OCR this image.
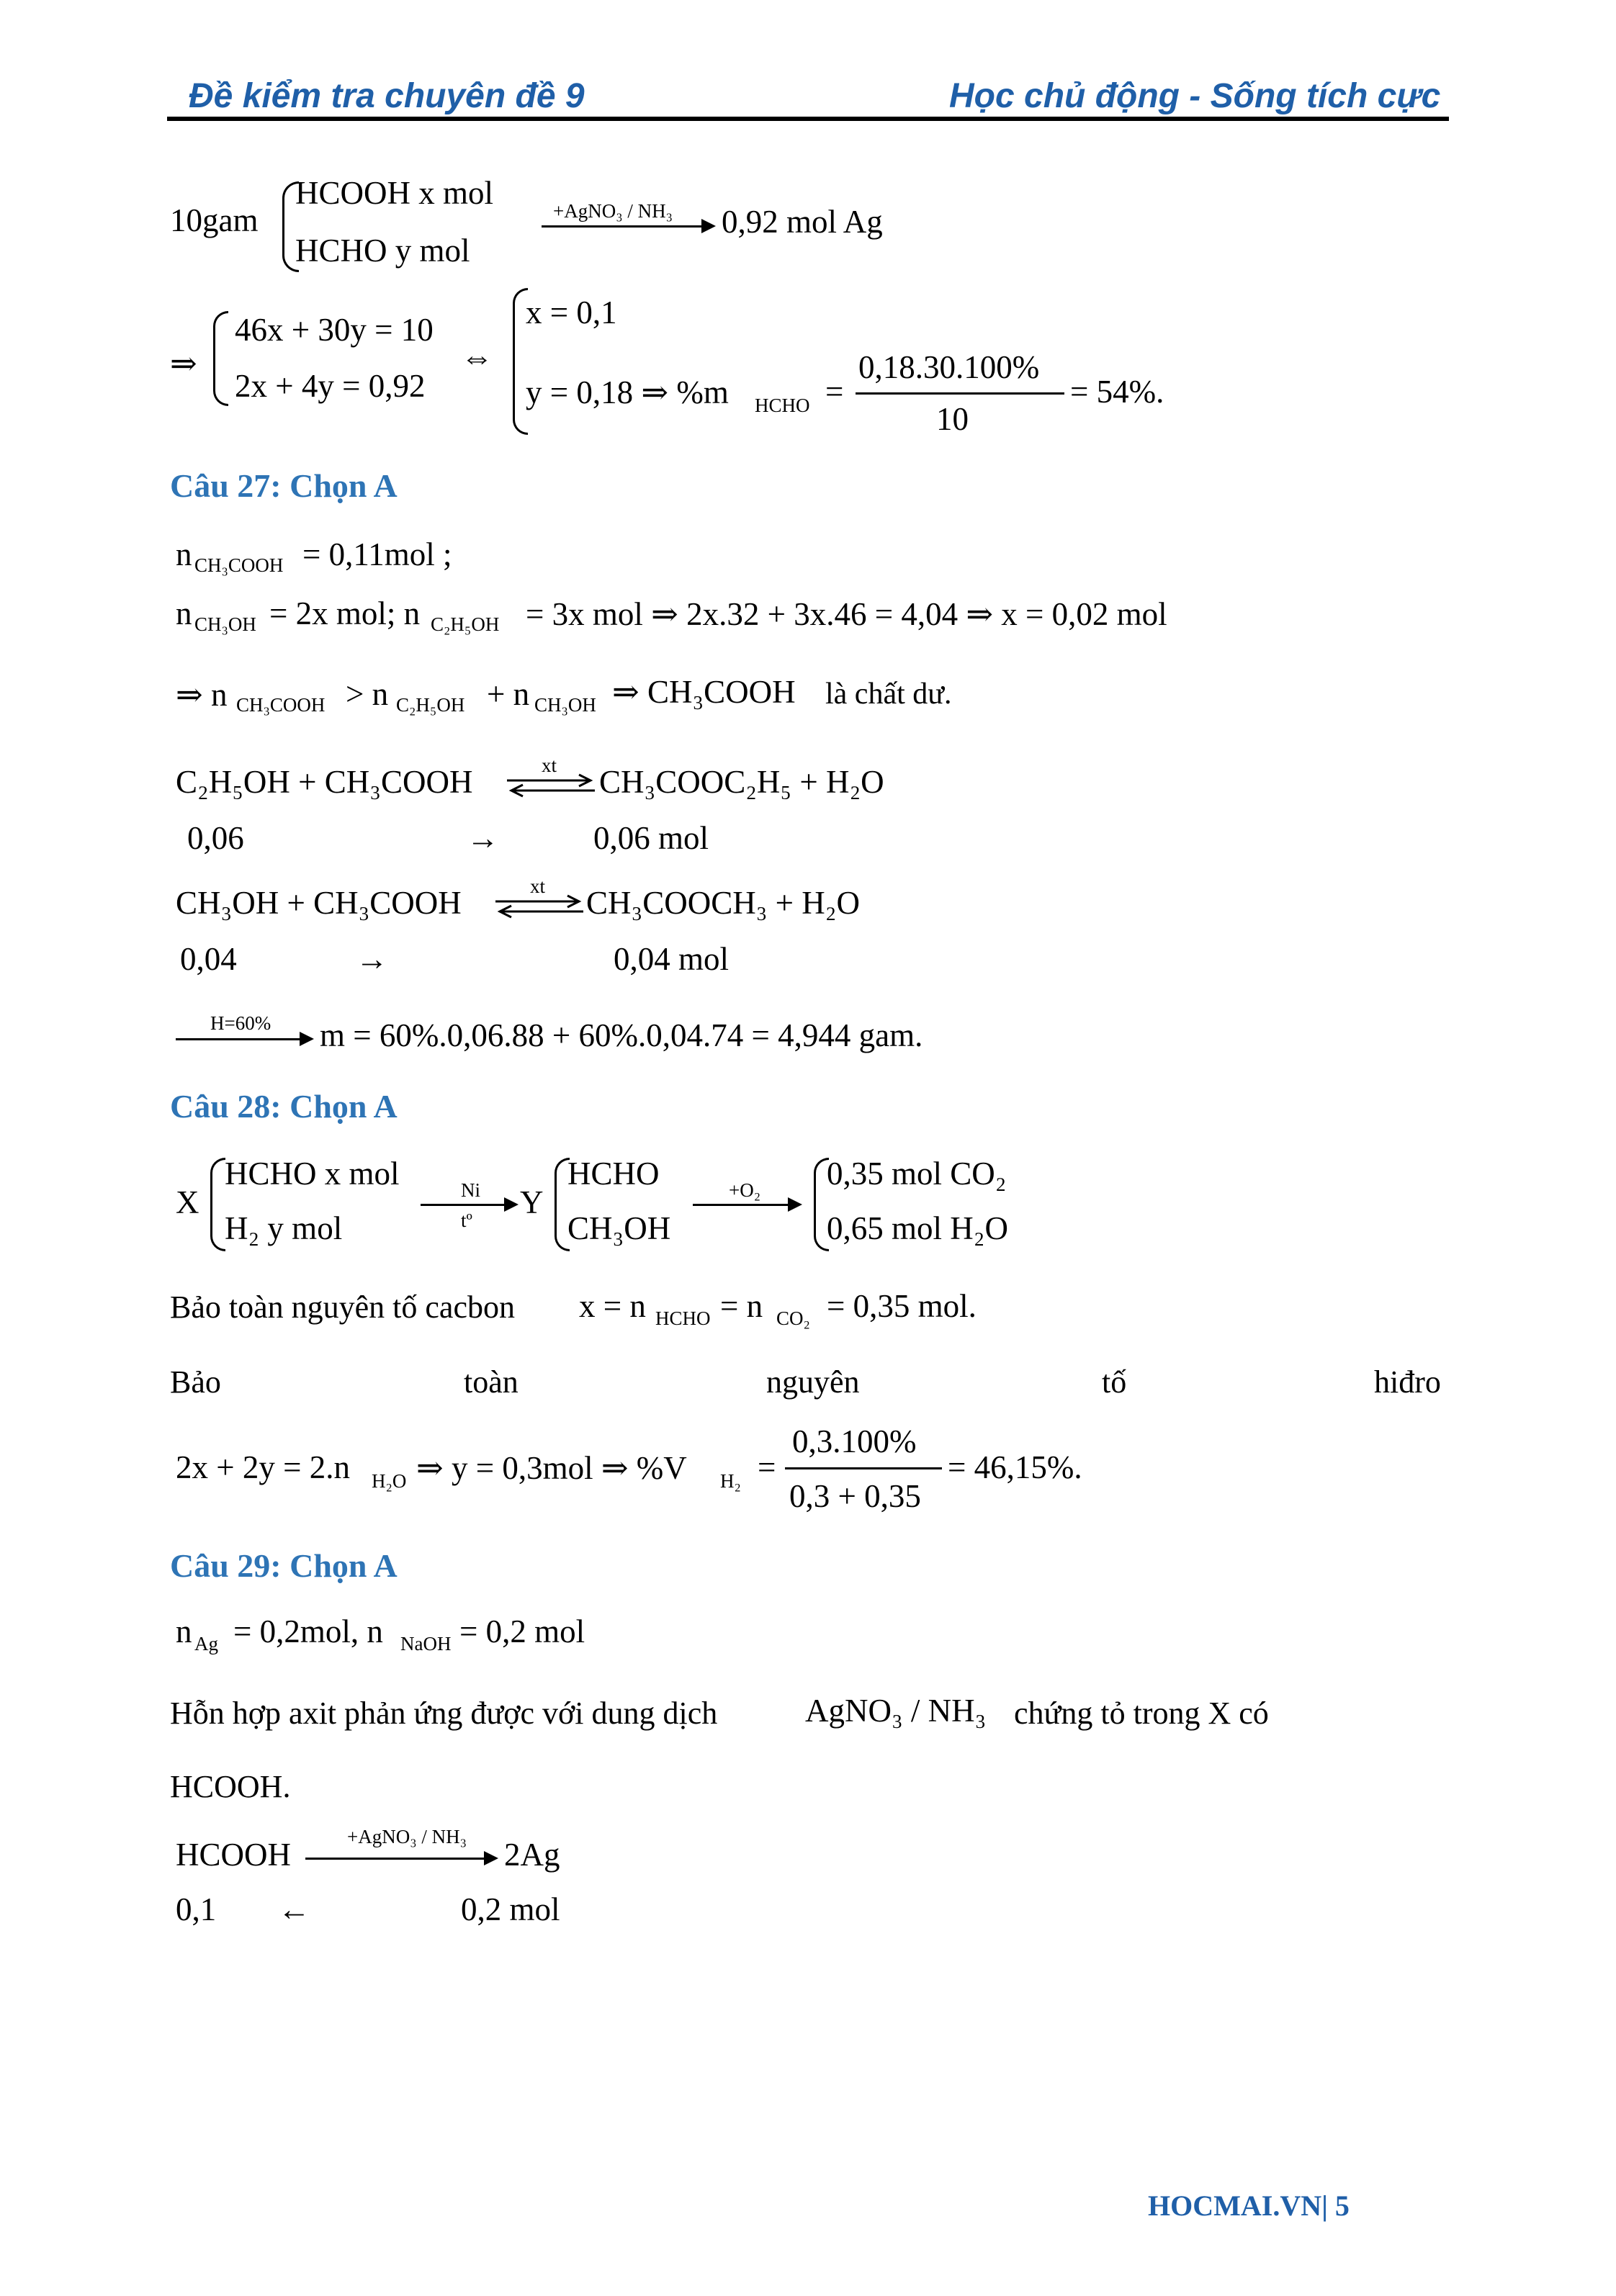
Đề kiểm tra chuyên đề 9	Học chủ động - Sống tích cực
10gam
HCOOH x mol
HCHO y mol
+AgNO₃ / NH₃ 0,92 mol Ag
⇒
46x + 30y = 10
2x + 4y = 0,92
⇔
x = 0,1
y = 0,18 ⇒ %m HCHO =
0,18.30.100%
10
= 54%.
Câu 27: Chọn A
n CH₃COOH = 0,11mol ;
n CH₃OH = 2x mol; n C₂H₅OH = 3x mol ⇒ 2x.32 + 3x.46 = 4,04 ⇒ x = 0,02 mol
⇒ n CH₃COOH > n C₂H₅OH + n CH₃OH ⇒ CH₃COOH là chất dư.
C₂H₅OH + CH₃COOH	xt CH₃COOC₂H₅ + H₂O
0,06	→	0,06 mol
CH₃OH + CH₃COOH	xt CH₃COOCH₃ + H₂O
0,04	→	0,04 mol
H=60% m = 60%.0,06.88 + 60%.0,04.74 = 4,944 gam.
Câu 28: Chọn A
X
HCHO x mol
H₂ y mol
Ni
tº Y
HCHO
CH₃OH
+O₂ 0,35 mol CO₂
0,65 mol H₂O
Bảo toàn nguyên tố cacbon x = n HCHO = n CO₂ = 0,35 mol.
Bảo	toàn	nguyên	tố	hiđro
2x + 2y = 2.n H₂O ⇒ y = 0,3mol ⇒ %V H₂ =
0,3.100%
0,3 + 0,35
= 46,15%.
Câu 29: Chọn A
n Ag = 0,2mol, n NaOH = 0,2 mol
Hỗn hợp axit phản ứng được với dung dịch	AgNO₃ / NH₃ chứng tỏ trong X có
HCOOH.
HCOOH	+AgNO₃ / NH₃ 2Ag
0,1 ←	0,2 mol
HOCMAI.VN| 5
